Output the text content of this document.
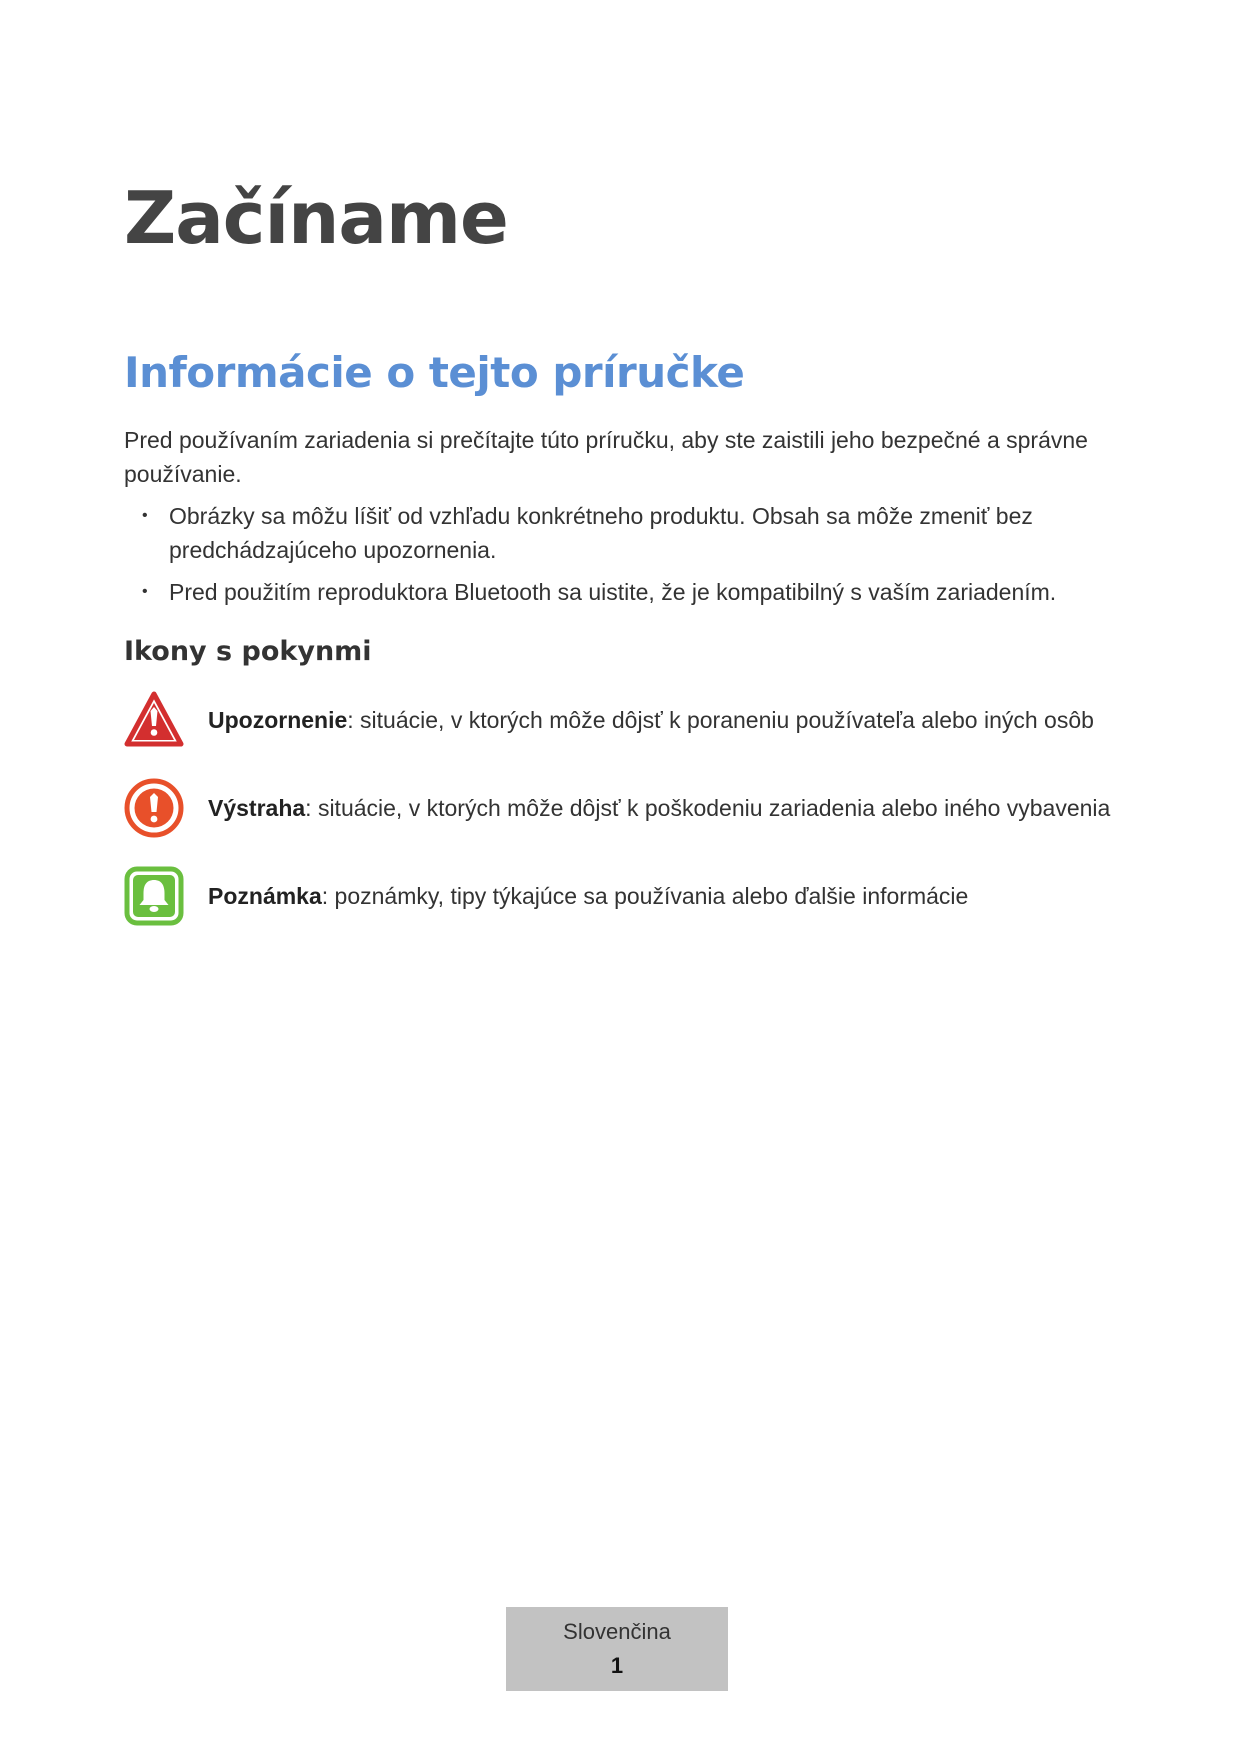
Začíname
Informácie o tejto príručke

Pred používaním zariadenia si prečítajte túto príručku, aby ste zaistili jeho bezpečné a správne používanie.

• Obrázky sa môžu líšiť od vzhľadu konkrétneho produktu. Obsah sa môže zmeniť bez predchádzajúceho upozornenia.
• Pred použitím reproduktora Bluetooth sa uistite, že je kompatibilný s vaším zariadením.
Ikony s pokynmi
Upozornenie: situácie, v ktorých môže dôjsť k poraneniu používateľa alebo iných osôb
Výstraha: situácie, v ktorých môže dôjsť k poškodeniu zariadenia alebo iného vybavenia
Poznámka: poznámky, tipy týkajúce sa používania alebo ďalšie informácie
Slovenčina
1
